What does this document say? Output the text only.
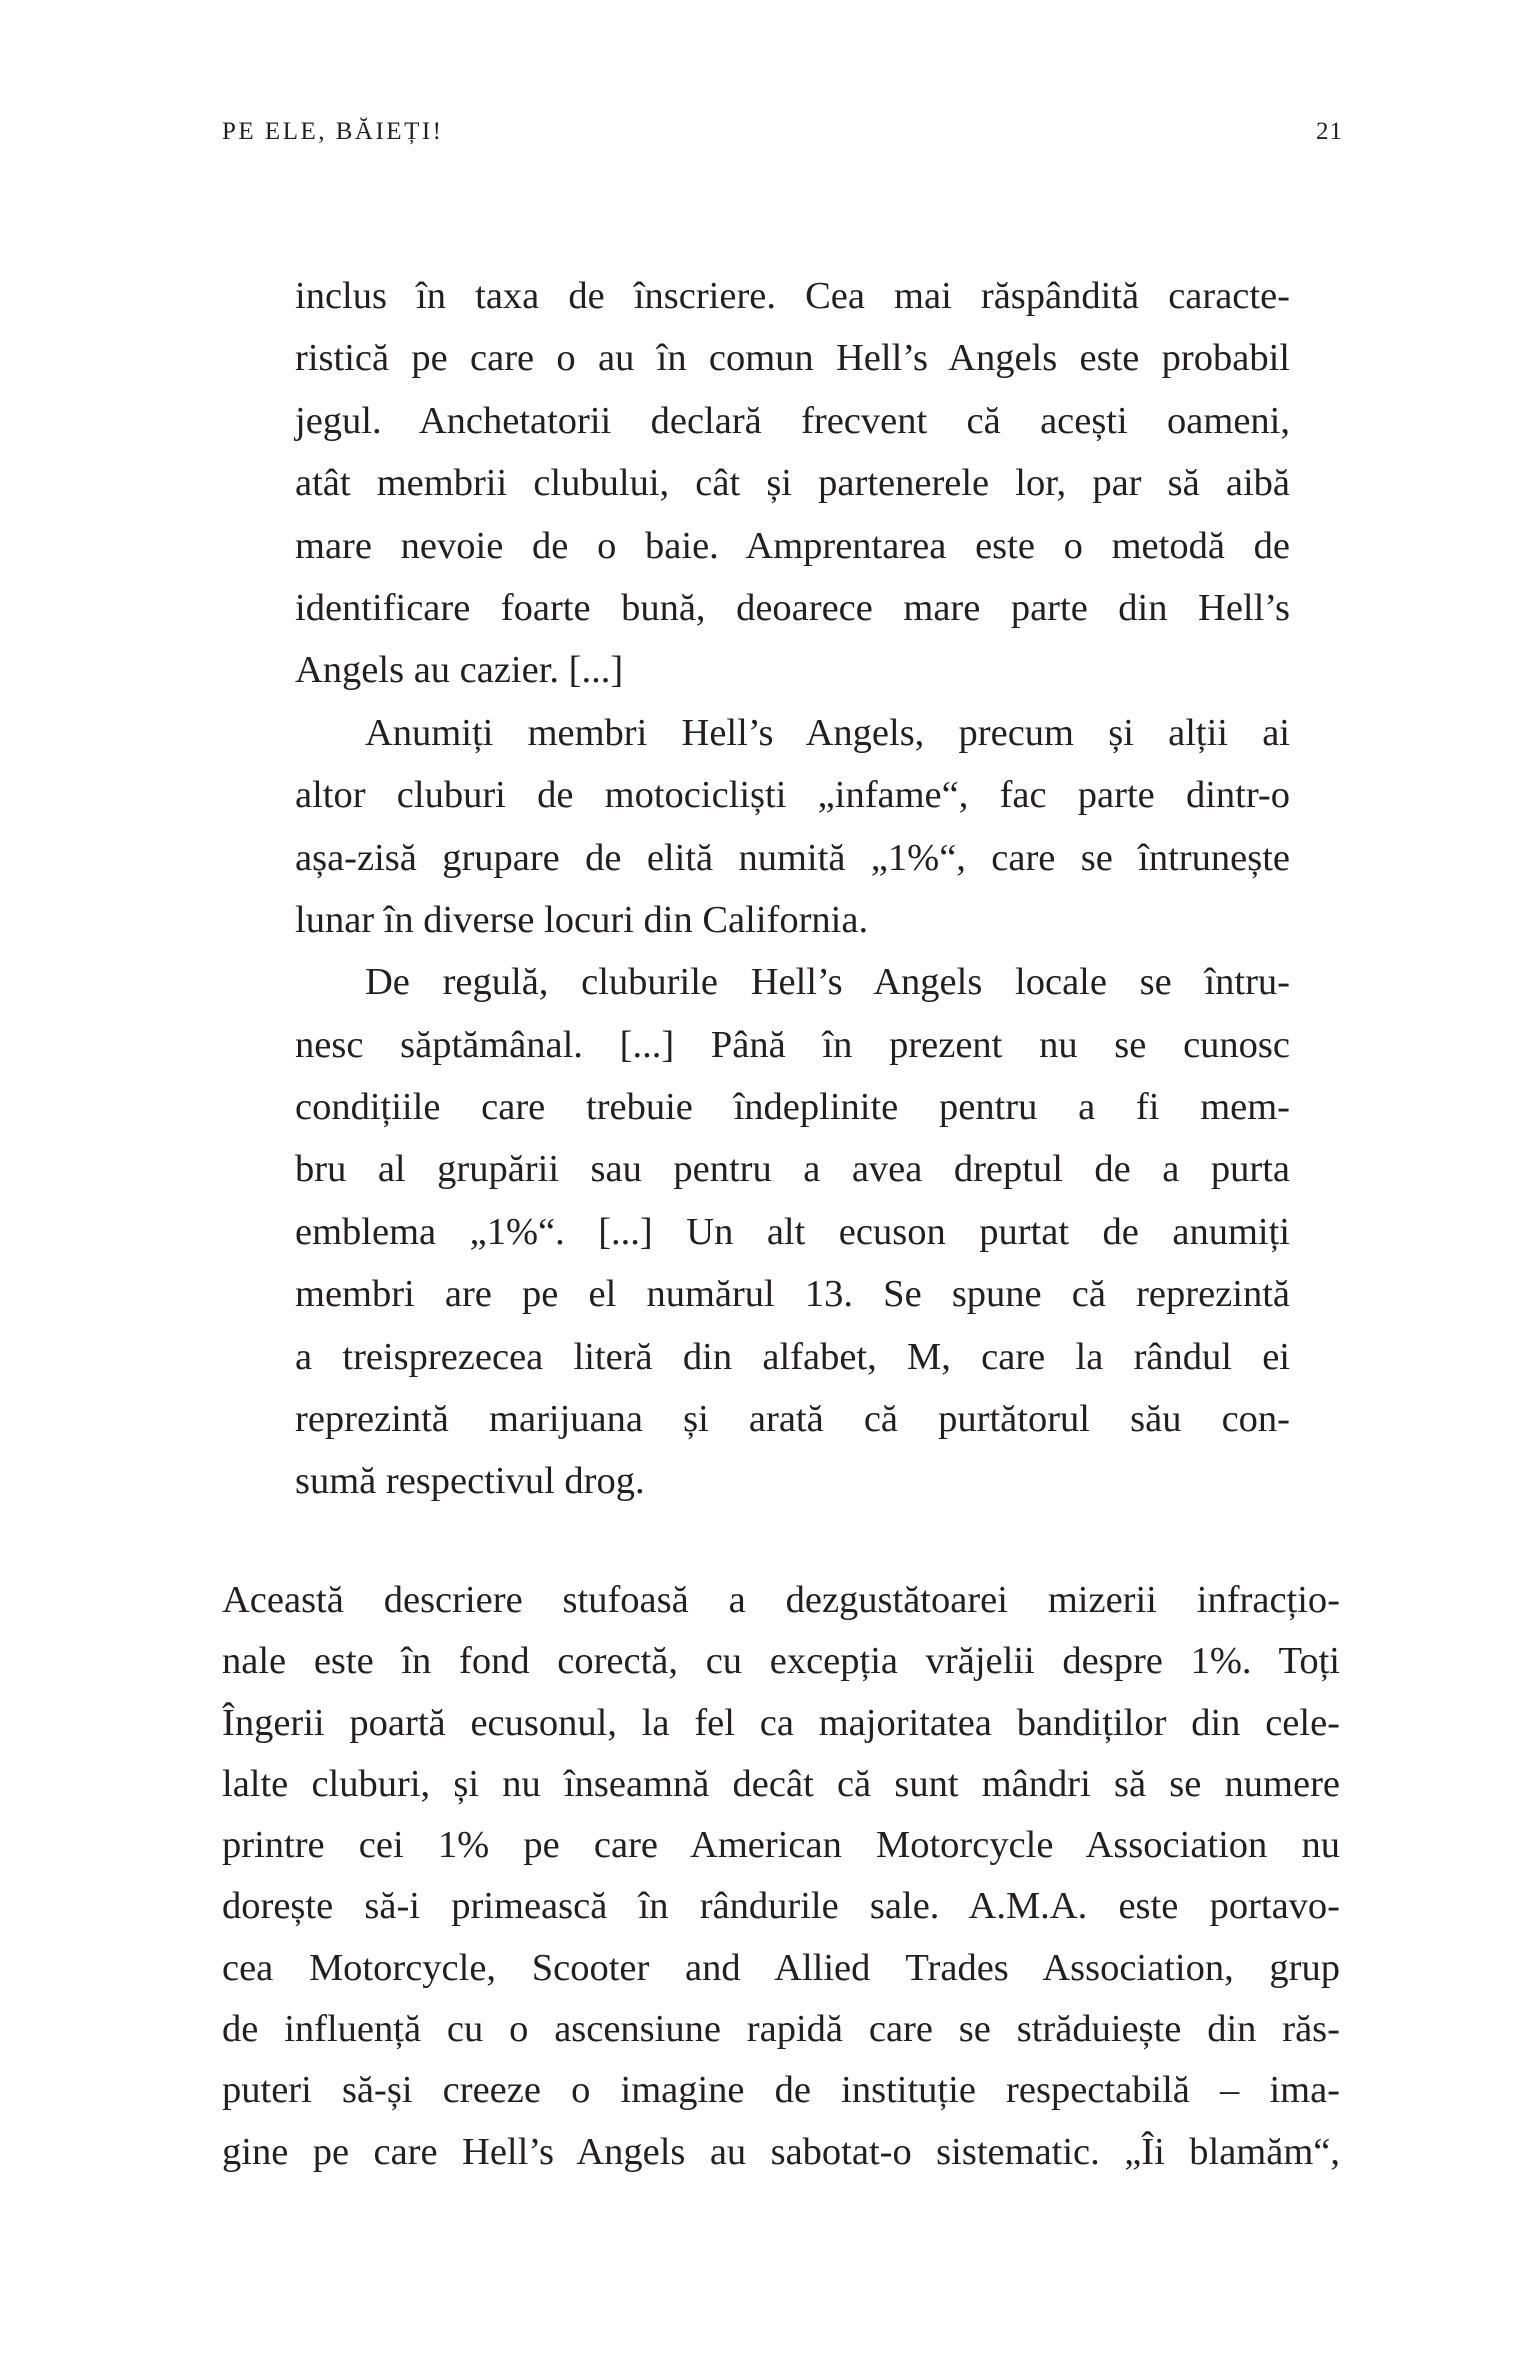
PE ELE, BĂIEȚI!	21
inclus în taxa de înscriere. Cea mai răspândită caracte-
ristică pe care o au în comun Hell’s Angels este probabil
jegul. Anchetatorii declară frecvent că acești oameni,
atât membrii clubului, cât și partenerele lor, par să aibă
mare nevoie de o baie. Amprentarea este o metodă de
identificare foarte bună, deoarece mare parte din Hell’s
Angels au cazier. [...]
Anumiți membri Hell’s Angels, precum și alții ai
altor cluburi de motocicliști „infame“, fac parte dintr-o
așa-zisă grupare de elită numită „1%“, care se întrunește
lunar în diverse locuri din California.
De regulă, cluburile Hell’s Angels locale se întru-
nesc săptămânal. [...] Până în prezent nu se cunosc
condițiile care trebuie îndeplinite pentru a fi mem-
bru al grupării sau pentru a avea dreptul de a purta
emblema „1%“. [...] Un alt ecuson purtat de anumiți
membri are pe el numărul 13. Se spune că reprezintă
a treisprezecea literă din alfabet, M, care la rândul ei
reprezintă marijuana și arată că purtătorul său con-
sumă respectivul drog.
Această descriere stufoasă a dezgustătoarei mizerii infracțio-
nale este în fond corectă, cu excepția vrăjelii despre 1%. Toți
Îngerii poartă ecusonul, la fel ca majoritatea bandiților din cele-
lalte cluburi, și nu înseamnă decât că sunt mândri să se numere
printre cei 1% pe care American Motorcycle Association nu
dorește să-i primească în rândurile sale. A.M.A. este portavo-
cea Motorcycle, Scooter and Allied Trades Association, grup
de influență cu o ascensiune rapidă care se străduiește din răs-
puteri să-și creeze o imagine de instituție respectabilă – ima-
gine pe care Hell’s Angels au sabotat-o sistematic. „Îi blamăm“,
